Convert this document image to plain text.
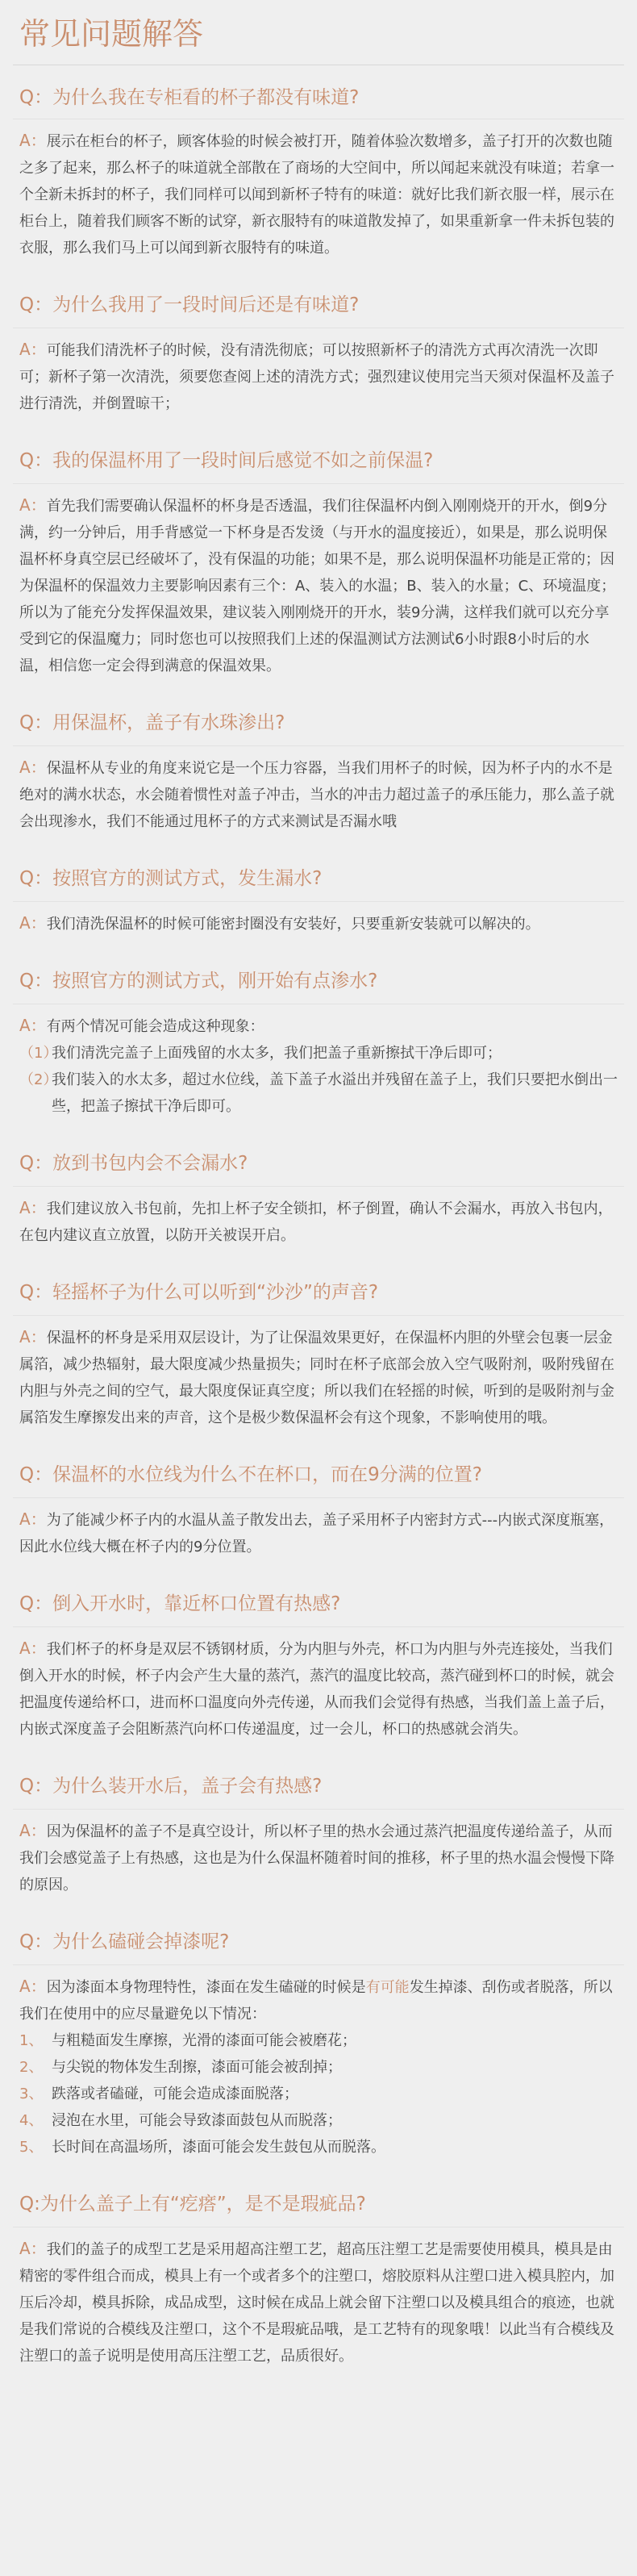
常见问题解答
Q：为什么我在专柜看的杯子都没有味道?

A：展示在柜台的杯子，顾客体验的时候会被打开，随着体验次数增多，盖子打开的次数也随之多了起来，那么杯子的味道就全部散在了商场的大空间中，所以闻起来就没有味道；若拿一个全新未拆封的杯子，我们同样可以闻到新杯子特有的味道：就好比我们新衣服一样，展示在柜台上，随着我们顾客不断的试穿，新衣服特有的味道散发掉了，如果重新拿一件未拆包装的衣服，那么我们马上可以闻到新衣服特有的味道。

Q：为什么我用了一段时间后还是有味道?

A：可能我们清洗杯子的时候，没有清洗彻底；可以按照新杯子的清洗方式再次清洗一次即可；新杯子第一次清洗，须要您查阅上述的清洗方式；强烈建议使用完当天须对保温杯及盖子进行清洗，并倒置晾干；

Q：我的保温杯用了一段时间后感觉不如之前保温?

A：首先我们需要确认保温杯的杯身是否透温，我们往保温杯内倒入刚刚烧开的开水，倒9分满，约一分钟后，用手背感觉一下杯身是否发烫（与开水的温度接近），如果是，那么说明保温杯杯身真空层已经破坏了，没有保温的功能；如果不是，那么说明保温杯功能是正常的；因为保温杯的保温效力主要影响因素有三个：A、装入的水温；B、装入的水量；C、环境温度；所以为了能充分发挥保温效果，建议装入刚刚烧开的开水，装9分满，这样我们就可以充分享受到它的保温魔力；同时您也可以按照我们上述的保温测试方法测试6小时跟8小时后的水温，相信您一定会得到满意的保温效果。

Q：用保温杯，盖子有水珠渗出?

A：保温杯从专业的角度来说它是一个压力容器，当我们用杯子的时候，因为杯子内的水不是绝对的满水状态，水会随着惯性对盖子冲击，当水的冲击力超过盖子的承压能力，那么盖子就会出现渗水，我们不能通过甩杯子的方式来测试是否漏水哦

Q：按照官方的测试方式，发生漏水?

A：我们清洗保温杯的时候可能密封圈没有安装好，只要重新安装就可以解决的。

Q：按照官方的测试方式，刚开始有点渗水?

A：有两个情况可能会造成这种现象：

（1）
我们清洗完盖子上面残留的水太多，我们把盖子重新擦拭干净后即可；
（2）
我们装入的水太多，超过水位线，盖下盖子水溢出并残留在盖子上，我们只要把水倒出一些，把盖子擦拭干净后即可。
Q：放到书包内会不会漏水?

A：我们建议放入书包前，先扣上杯子安全锁扣，杯子倒置，确认不会漏水，再放入书包内，在包内建议直立放置，以防开关被误开启。

Q：轻摇杯子为什么可以听到“沙沙”的声音?

A：保温杯的杯身是采用双层设计，为了让保温效果更好，在保温杯内胆的外壁会包裹一层金属箔，减少热辐射，最大限度减少热量损失；同时在杯子底部会放入空气吸附剂，吸附残留在内胆与外壳之间的空气，最大限度保证真空度；所以我们在轻摇的时候，听到的是吸附剂与金属箔发生摩擦发出来的声音，这个是极少数保温杯会有这个现象，不影响使用的哦。

Q：保温杯的水位线为什么不在杯口，而在9分满的位置?

A：为了能减少杯子内的水温从盖子散发出去，盖子采用杯子内密封方式---内嵌式深度瓶塞，因此水位线大概在杯子内的9分位置。

Q：倒入开水时，靠近杯口位置有热感?

A：我们杯子的杯身是双层不锈钢材质，分为内胆与外壳，杯口为内胆与外壳连接处，当我们倒入开水的时候，杯子内会产生大量的蒸汽，蒸汽的温度比较高，蒸汽碰到杯口的时候，就会把温度传递给杯口，进而杯口温度向外壳传递，从而我们会觉得有热感，当我们盖上盖子后，内嵌式深度盖子会阻断蒸汽向杯口传递温度，过一会儿，杯口的热感就会消失。

Q：为什么装开水后，盖子会有热感?

A：因为保温杯的盖子不是真空设计，所以杯子里的热水会通过蒸汽把温度传递给盖子，从而我们会感觉盖子上有热感，这也是为什么保温杯随着时间的推移，杯子里的热水温会慢慢下降的原因。

Q：为什么磕碰会掉漆呢?

A：因为漆面本身物理特性，漆面在发生磕碰的时候是有可能发生掉漆、刮伤或者脱落，所以我们在使用中的应尽量避免以下情况：

1、 与粗糙面发生摩擦，光滑的漆面可能会被磨花；
2、 与尖锐的物体发生刮擦，漆面可能会被刮掉；
3、 跌落或者磕碰，可能会造成漆面脱落；
4、 浸泡在水里，可能会导致漆面鼓包从而脱落；
5、 长时间在高温场所，漆面可能会发生鼓包从而脱落。
Q:为什么盖子上有“疙瘩”，是不是瑕疵品?

A：我们的盖子的成型工艺是采用超高注塑工艺，超高压注塑工艺是需要使用模具，模具是由精密的零件组合而成，模具上有一个或者多个的注塑口，熔胶原料从注塑口进入模具腔内，加压后冷却，模具拆除，成品成型，这时候在成品上就会留下注塑口以及模具组合的痕迹，也就是我们常说的合模线及注塑口，这个不是瑕疵品哦，是工艺特有的现象哦！以此当有合模线及注塑口的盖子说明是使用高压注塑工艺，品质很好。
